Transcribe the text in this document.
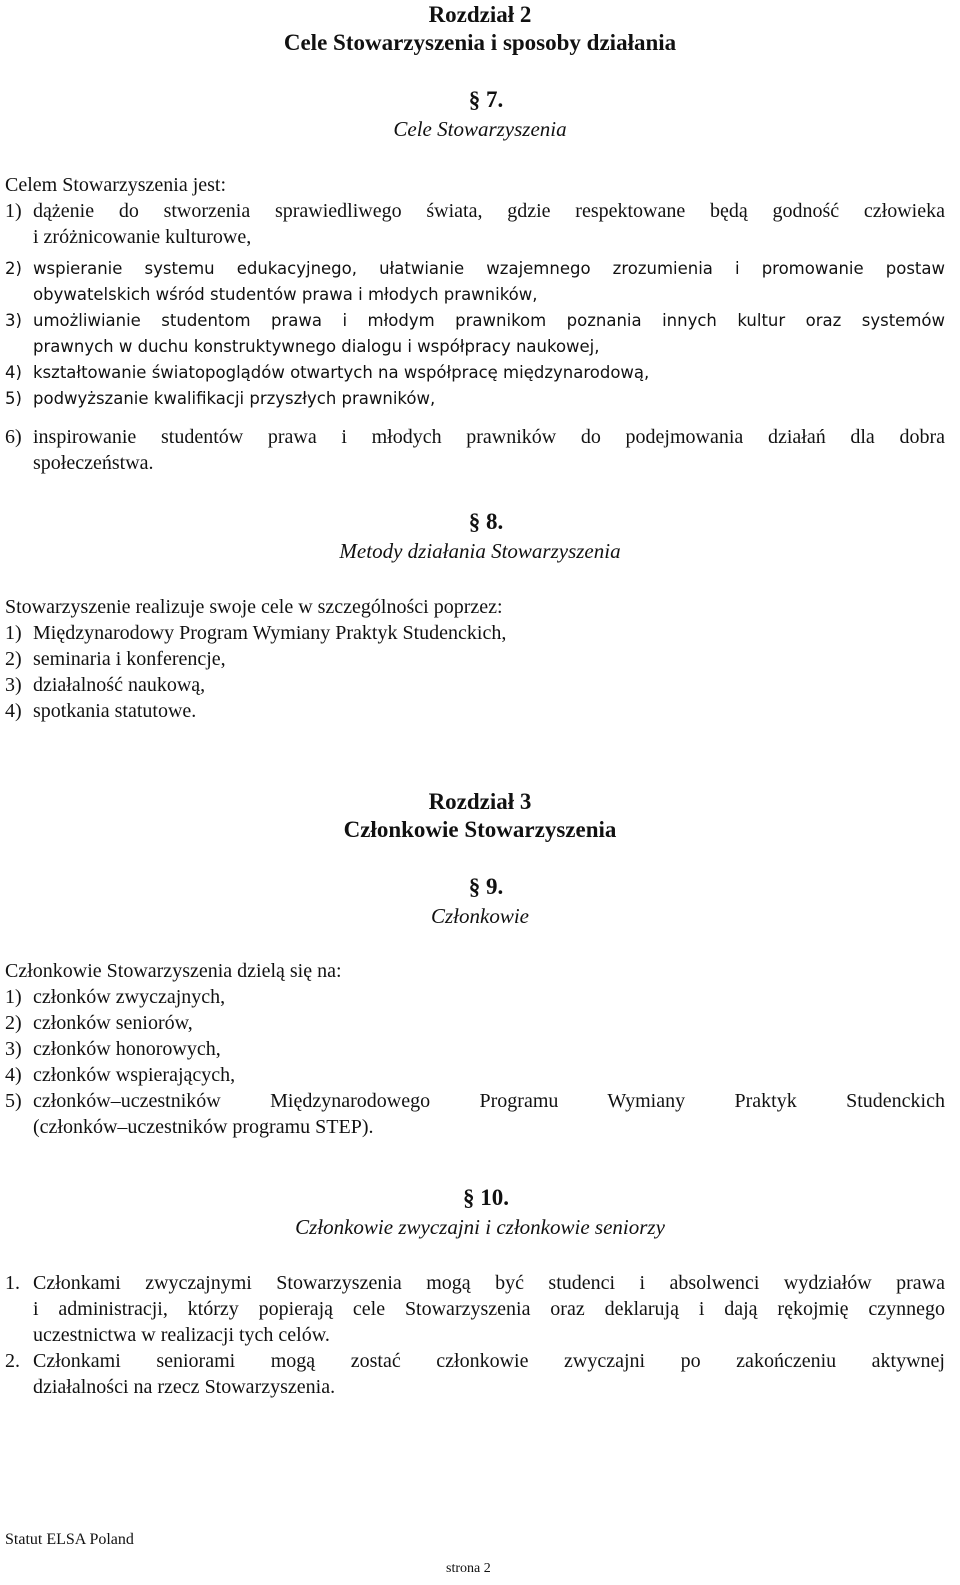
Rozdział 2
Cele Stowarzyszenia i sposoby działania
§ 7.
Cele Stowarzyszenia
Celem Stowarzyszenia jest:
1) dążenie do stworzenia sprawiedliwego świata, gdzie respektowane będą godność człowieka
i zróżnicowanie kulturowe,
2) wspieranie systemu edukacyjnego, ułatwianie wzajemnego zrozumienia i promowanie postaw
obywatelskich wśród studentów prawa i młodych prawników,
3) umożliwianie studentom prawa i młodym prawnikom poznania innych kultur oraz systemów
prawnych w duchu konstruktywnego dialogu i współpracy naukowej,
4) kształtowanie światopoglądów otwartych na współpracę międzynarodową,
5) podwyższanie kwalifikacji przyszłych prawników,
6) inspirowanie studentów prawa i młodych prawników do podejmowania działań dla dobra
społeczeństwa.
§ 8.
Metody działania Stowarzyszenia
Stowarzyszenie realizuje swoje cele w szczególności poprzez:
1) Międzynarodowy Program Wymiany Praktyk Studenckich,
2) seminaria i konferencje,
3) działalność naukową,
4) spotkania statutowe.
Rozdział 3
Członkowie Stowarzyszenia
§ 9.
Członkowie
Członkowie Stowarzyszenia dzielą się na:
1) członków zwyczajnych,
2) członków seniorów,
3) członków honorowych,
4) członków wspierających,
5) członków–uczestników Międzynarodowego Programu Wymiany Praktyk Studenckich
(członków–uczestników programu STEP).
§ 10.
Członkowie zwyczajni i członkowie seniorzy
1. Członkami zwyczajnymi Stowarzyszenia mogą być studenci i absolwenci wydziałów prawa
i administracji, którzy popierają cele Stowarzyszenia oraz deklarują i dają rękojmię czynnego
uczestnictwa w realizacji tych celów.
2. Członkami seniorami mogą zostać członkowie zwyczajni po zakończeniu aktywnej
działalności na rzecz Stowarzyszenia.
Statut ELSA Poland
strona 2
